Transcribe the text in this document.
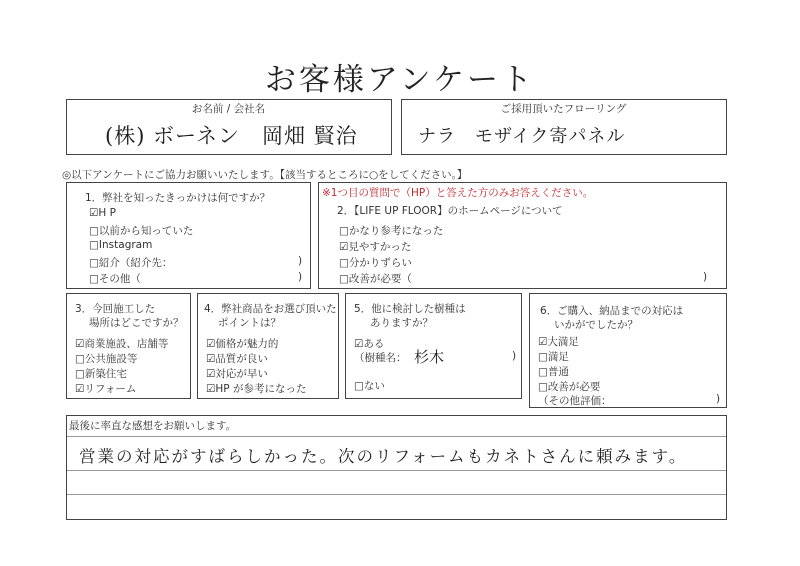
お客様アンケート
お名前 / 会社名
(株) ボーネン　岡畑 賢治
ご採用頂いたフローリング
ナラ　モザイク寄パネル
◎以下アンケートにご協力お願いいたします。【該当するところに○をしてください。】
1．弊社を知ったきっかけは何ですか？
☑H P
□以前から知っていた
□Instagram
□紹介（紹介先：	)
□その他（	)
※1つ目の質問で（HP）と答えた方のみお答えください。
2．【LIFE UP FLOOR】のホームページについて
□かなり参考になった
☑見やすかった
□分かりずらい
□改善が必要（	)
3．今回施工した
場所はどこですか？
☑商業施設、店舗等
□公共施設等
□新築住宅
☑リフォーム
4．弊社商品をお選び頂いた
ポイントは？
☑価格が魅力的
☑品質が良い
☑対応が早い
☑HP が参考になった
5．他に検討した樹種は
ありますか？
☑ある
（樹種名： 杉木	)
□ない
6．ご購入、納品までの対応は
いかがでしたか？
☑大満足
□満足
□普通
□改善が必要
（その他評価：	)
最後に率直な感想をお願いします。
営業の対応がすばらしかった。次のリフォームもカネトさんに頼みます。
